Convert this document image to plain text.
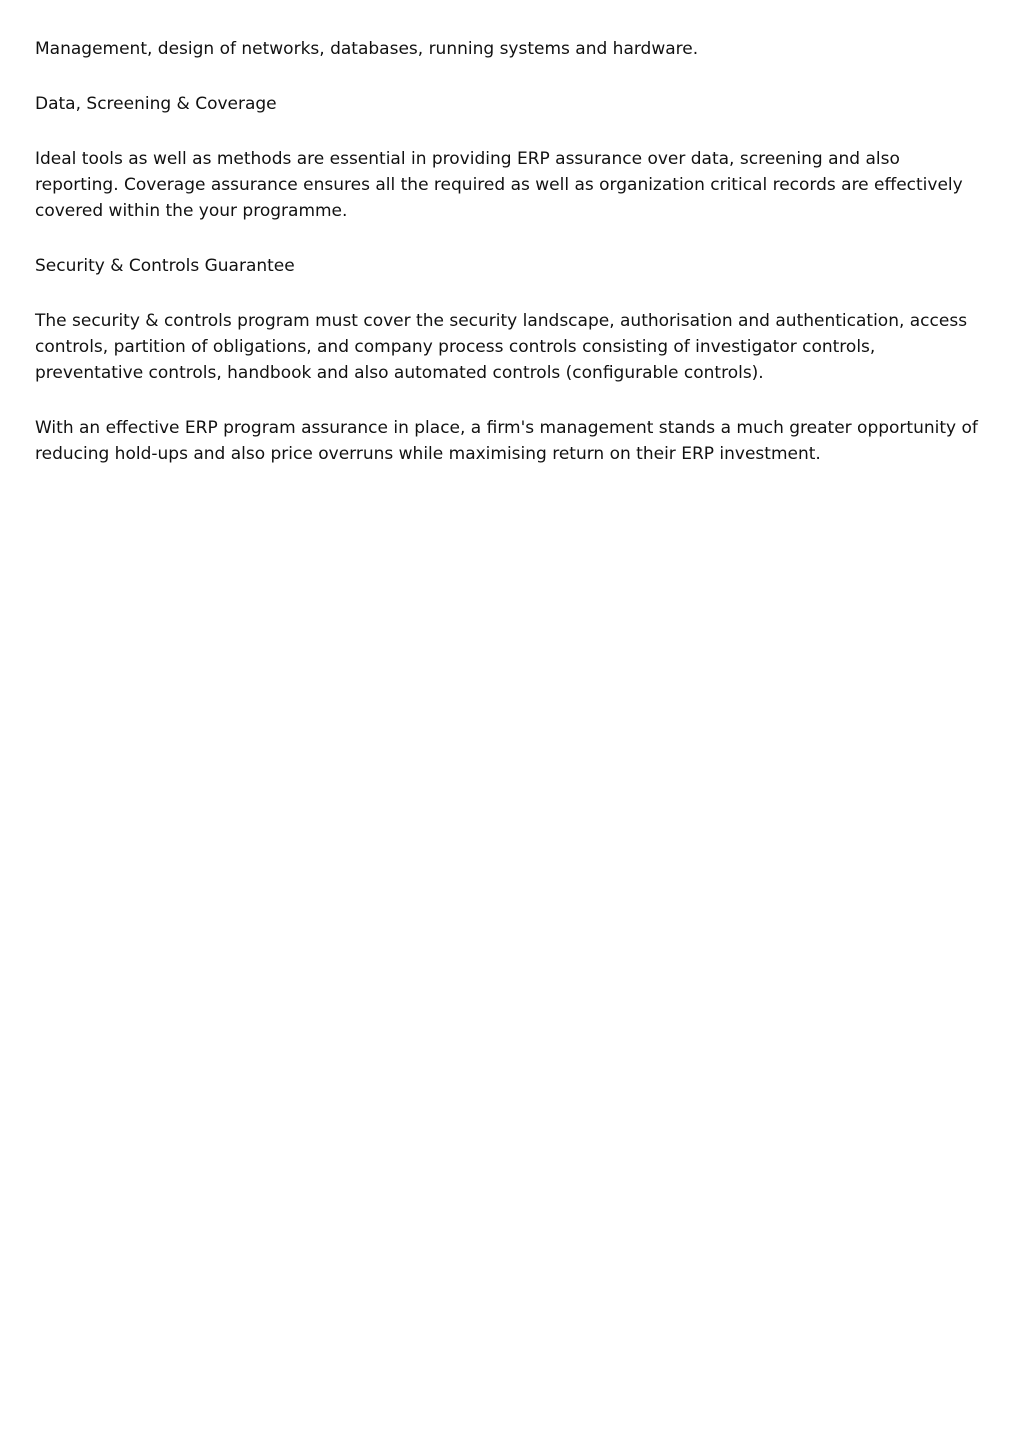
Management, design of networks, databases, running systems and hardware.

Data, Screening & Coverage

Ideal tools as well as methods are essential in providing ERP assurance over data, screening and also reporting. Coverage assurance ensures all the required as well as organization critical records are effectively covered within the your programme.

Security & Controls Guarantee

The security & controls program must cover the security landscape, authorisation and authentication, access controls, partition of obligations, and company process controls consisting of investigator controls, preventative controls, handbook and also automated controls (configurable controls).

With an effective ERP program assurance in place, a firm's management stands a much greater opportunity of reducing hold-ups and also price overruns while maximising return on their ERP investment.
